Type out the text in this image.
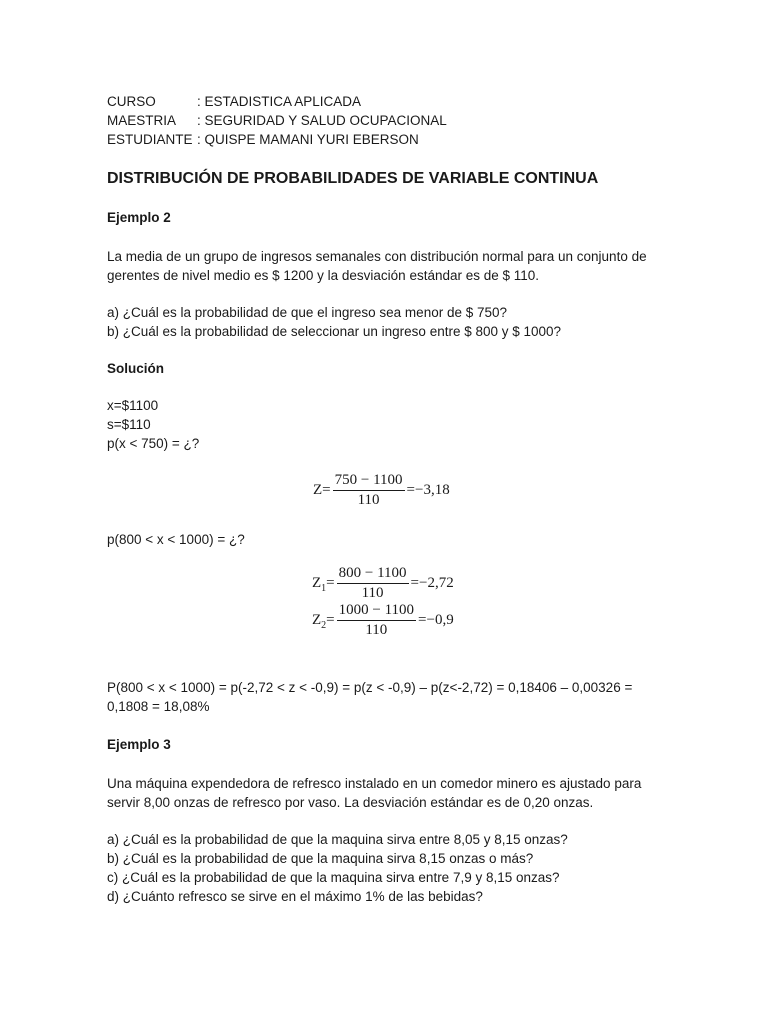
CURSO	: ESTADISTICA APLICADA
MAESTRIA	: SEGURIDAD Y SALUD OCUPACIONAL
ESTUDIANTE : QUISPE MAMANI YURI EBERSON
DISTRIBUCIÓN DE PROBABILIDADES DE VARIABLE CONTINUA
Ejemplo 2
La media de un grupo de ingresos semanales con distribución normal para un conjunto de
gerentes de nivel medio es $ 1200 y la desviación estándar es de $ 110.
a) ¿Cuál es la probabilidad de que el ingreso sea menor de $ 750?
b) ¿Cuál es la probabilidad de seleccionar un ingreso entre $ 800 y $ 1000?
Solución
x=$1100
s=$110
p(x < 750) = ¿?
$Z = \frac{750 - 1100}{110} = -3,18$
p(800 < x < 1000) = ¿?
$Z_1 = \frac{800 - 1100}{110} = -2,72$
$Z_2 = \frac{1000 - 1100}{110} = -0,9$
P(800 < x < 1000) = p(-2,72 < z < -0,9) = p(z < -0,9) – p(z<-2,72) = 0,18406 – 0,00326 =
0,1808 = 18,08%
Ejemplo 3
Una máquina expendedora de refresco instalado en un comedor minero es ajustado para
servir 8,00 onzas de refresco por vaso. La desviación estándar es de 0,20 onzas.
a) ¿Cuál es la probabilidad de que la maquina sirva entre 8,05 y 8,15 onzas?
b) ¿Cuál es la probabilidad de que la maquina sirva 8,15 onzas o más?
c) ¿Cuál es la probabilidad de que la maquina sirva entre 7,9 y 8,15 onzas?
d) ¿Cuánto refresco se sirve en el máximo 1% de las bebidas?
